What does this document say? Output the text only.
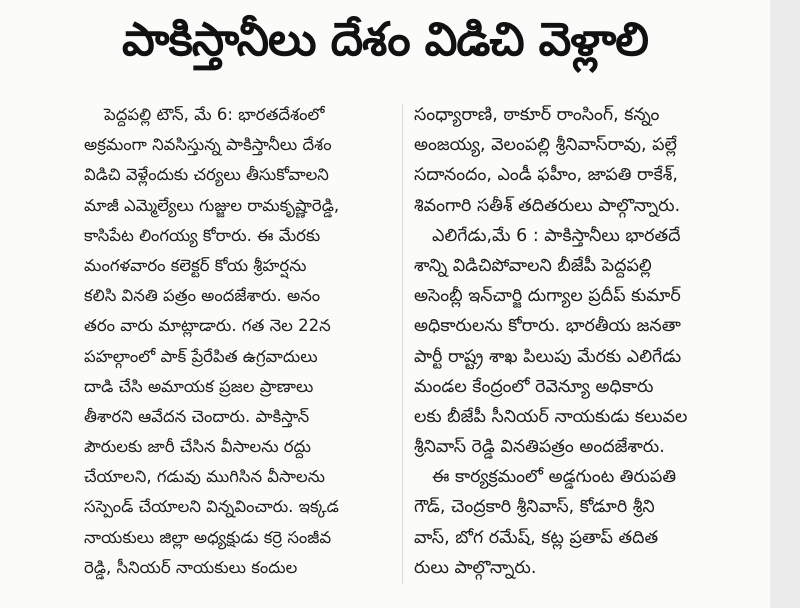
పాకిస్తానీలు దేశం విడిచి వెళ్లాలి
పెద్దపల్లి టౌన్, మే 6: భారతదేశంలో
అక్రమంగా నివసిస్తున్న పాకిస్తానీలు దేశం
విడిచి వెళ్లేందుకు చర్యలు తీసుకోవాలని
మాజీ ఎమ్మెల్యేలు గుజ్జుల రామకృష్ణారెడ్డి,
కాసిపేట లింగయ్య కోరారు. ఈ మేరకు
మంగళవారం కలెక్టర్ కోయ శ్రీహర్షను
కలిసి వినతి పత్రం అందజేశారు. అనం
తరం వారు మాట్లాడారు. గత నెల 22న
పహల్గాంలో పాక్ ప్రేరేపిత ఉగ్రవాదులు
దాడి చేసి అమాయక ప్రజల ప్రాణాలు
తీశారని ఆవేదన చెందారు. పాకిస్తాన్
పౌరులకు జారీ చేసిన వీసాలను రద్దు
చేయాలని, గడువు ముగిసిన వీసాలను
సస్పెండ్ చేయాలని విన్నవించారు. ఇక్కడ
నాయకులు జిల్లా అధ్యక్షుడు కర్రె సంజీవ
రెడ్డి, సీనియర్ నాయకులు కందుల
సంధ్యారాణి, ఠాకూర్ రాంసింగ్, కన్నం
అంజయ్య, వెలంపల్లి శ్రీనివాస్‌రావు, పల్లే
సదానందం, ఎండీ ఫహీం, జాపతి రాకేశ్,
శివంగారి సతీశ్ తదితరులు పాల్గొన్నారు.
ఎలిగేడు,మే 6 : పాకిస్తానీలు భారతదే
శాన్ని విడిచిపోవాలని బీజేపీ పెద్దపల్లి
అసెంబ్లీ ఇన్‌చార్జి దుగ్యాల ప్రదీప్ కుమార్
అధికారులను కోరారు. భారతీయ జనతా
పార్టీ రాష్ట్ర శాఖ పిలుపు మేరకు ఎలిగేడు
మండల కేంద్రంలో రెవెన్యూ అధికారు
లకు బీజేపీ సీనియర్ నాయకుడు కలువల
శ్రీనివాస్ రెడ్డి వినతిపత్రం అందజేశారు.
ఈ కార్యక్రమంలో అడ్డగుంట తిరుపతి
గౌడ్, చెంద్రకారి శ్రీనివాస్, కోడూరి శ్రీని
వాస్, బోగ రమేష్, కట్ల ప్రతాప్ తదిత
రులు పాల్గొన్నారు.
